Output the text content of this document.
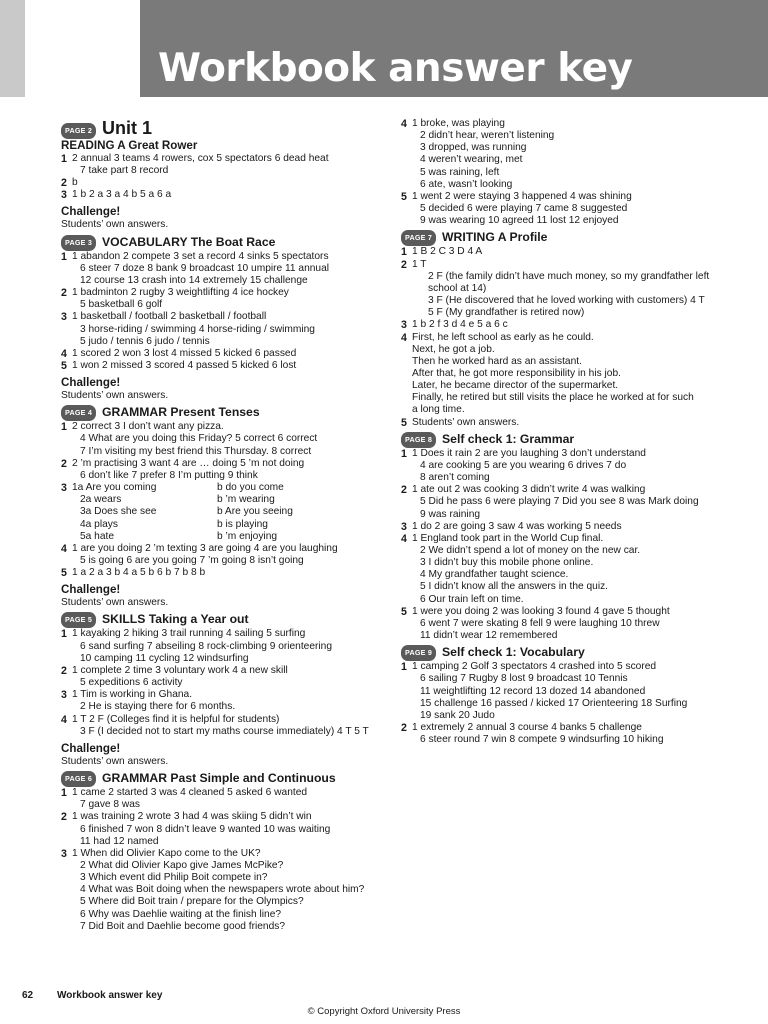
Workbook answer key
PAGE 2 Unit 1
READING A Great Rower
1 2 annual 3 teams 4 rowers, cox 5 spectators 6 dead heat
7 take part 8 record
2 b
3 1 b 2 a 3 a 4 b 5 a 6 a
Challenge!
Students’ own answers.
PAGE 3 VOCABULARY The Boat Race
1 1 abandon 2 compete 3 set a record 4 sinks 5 spectators
6 steer 7 doze 8 bank 9 broadcast 10 umpire 11 annual
12 course 13 crash into 14 extremely 15 challenge
2 1 badminton 2 rugby 3 weightlifting 4 ice hockey
5 basketball 6 golf
3 1 basketball / football 2 basketball / football
3 horse-riding / swimming 4 horse-riding / swimming
5 judo / tennis 6 judo / tennis
4 1 scored 2 won 3 lost 4 missed 5 kicked 6 passed
5 1 won 2 missed 3 scored 4 passed 5 kicked 6 lost
Challenge!
Students’ own answers.
PAGE 4 GRAMMAR Present Tenses
1 2 correct 3 I don’t want any pizza.
4 What are you doing this Friday? 5 correct 6 correct
7 I’m visiting my best friend this Thursday. 8 correct
2 2 ’m practising 3 want 4 are … doing 5 ’m not doing
6 don’t like 7 prefer 8 I’m putting 9 think
3 1a Are you coming	b do you come
2a wears	b ’m wearing
3a Does she see	b Are you seeing
4a plays	b is playing
5a hate	b ’m enjoying
4 1 are you doing 2 ’m texting 3 are going 4 are you laughing
5 is going 6 are you going 7 ’m going 8 isn’t going
5 1 a 2 a 3 b 4 a 5 b 6 b 7 b 8 b
Challenge!
Students’ own answers.
PAGE 5 SKILLS Taking a Year out
1 1 kayaking 2 hiking 3 trail running 4 sailing 5 surfing
6 sand surfing 7 abseiling 8 rock-climbing 9 orienteering
10 camping 11 cycling 12 windsurfing
2 1 complete 2 time 3 voluntary work 4 a new skill
5 expeditions 6 activity
3 1 Tim is working in Ghana.
2 He is staying there for 6 months.
4 1 T 2 F (Colleges find it is helpful for students)
3 F (I decided not to start my maths course immediately) 4 T 5 T
Challenge!
Students’ own answers.
PAGE 6 GRAMMAR Past Simple and Continuous
1 1 came 2 started 3 was 4 cleaned 5 asked 6 wanted
7 gave 8 was
2 1 was training 2 wrote 3 had 4 was skiing 5 didn’t win
6 finished 7 won 8 didn’t leave 9 wanted 10 was waiting
11 had 12 named
3 1 When did Olivier Kapo come to the UK?
2 What did Olivier Kapo give James McPike?
3 Which event did Philip Boit compete in?
4 What was Boit doing when the newspapers wrote about him?
5 Where did Boit train / prepare for the Olympics?
6 Why was Daehlie waiting at the finish line?
7 Did Boit and Daehlie become good friends?
4 1 broke, was playing
2 didn’t hear, weren’t listening
3 dropped, was running
4 weren’t wearing, met
5 was raining, left
6 ate, wasn’t looking
5 1 went 2 were staying 3 happened 4 was shining
5 decided 6 were playing 7 came 8 suggested
9 was wearing 10 agreed 11 lost 12 enjoyed
PAGE 7 WRITING A Profile
1 1 B 2 C 3 D 4 A
2 1 T
2 F (the family didn’t have much money, so my grandfather left school at 14)
3 F (He discovered that he loved working with customers) 4 T
5 F (My grandfather is retired now)
3 1 b 2 f 3 d 4 e 5 a 6 c
4 First, he left school as early as he could.
Next, he got a job.
Then he worked hard as an assistant.
After that, he got more responsibility in his job.
Later, he became director of the supermarket.
Finally, he retired but still visits the place he worked at for such a long time.
5 Students’ own answers.
PAGE 8 Self check 1: Grammar
1 1 Does it rain 2 are you laughing 3 don’t understand
4 are cooking 5 are you wearing 6 drives 7 do
8 aren’t coming
2 1 ate out 2 was cooking 3 didn’t write 4 was walking
5 Did he pass 6 were playing 7 Did you see 8 was Mark doing
9 was raining
3 1 do 2 are going 3 saw 4 was working 5 needs
4 1 England took part in the World Cup final.
2 We didn’t spend a lot of money on the new car.
3 I didn’t buy this mobile phone online.
4 My grandfather taught science.
5 I didn’t know all the answers in the quiz.
6 Our train left on time.
5 1 were you doing 2 was looking 3 found 4 gave 5 thought
6 went 7 were skating 8 fell 9 were laughing 10 threw
11 didn’t wear 12 remembered
PAGE 9 Self check 1: Vocabulary
1 1 camping 2 Golf 3 spectators 4 crashed into 5 scored
6 sailing 7 Rugby 8 lost 9 broadcast 10 Tennis
11 weightlifting 12 record 13 dozed 14 abandoned
15 challenge 16 passed / kicked 17 Orienteering 18 Surfing
19 sank 20 Judo
2 1 extremely 2 annual 3 course 4 banks 5 challenge
6 steer round 7 win 8 compete 9 windsurfing 10 hiking
62 Workbook answer key
© Copyright Oxford University Press
